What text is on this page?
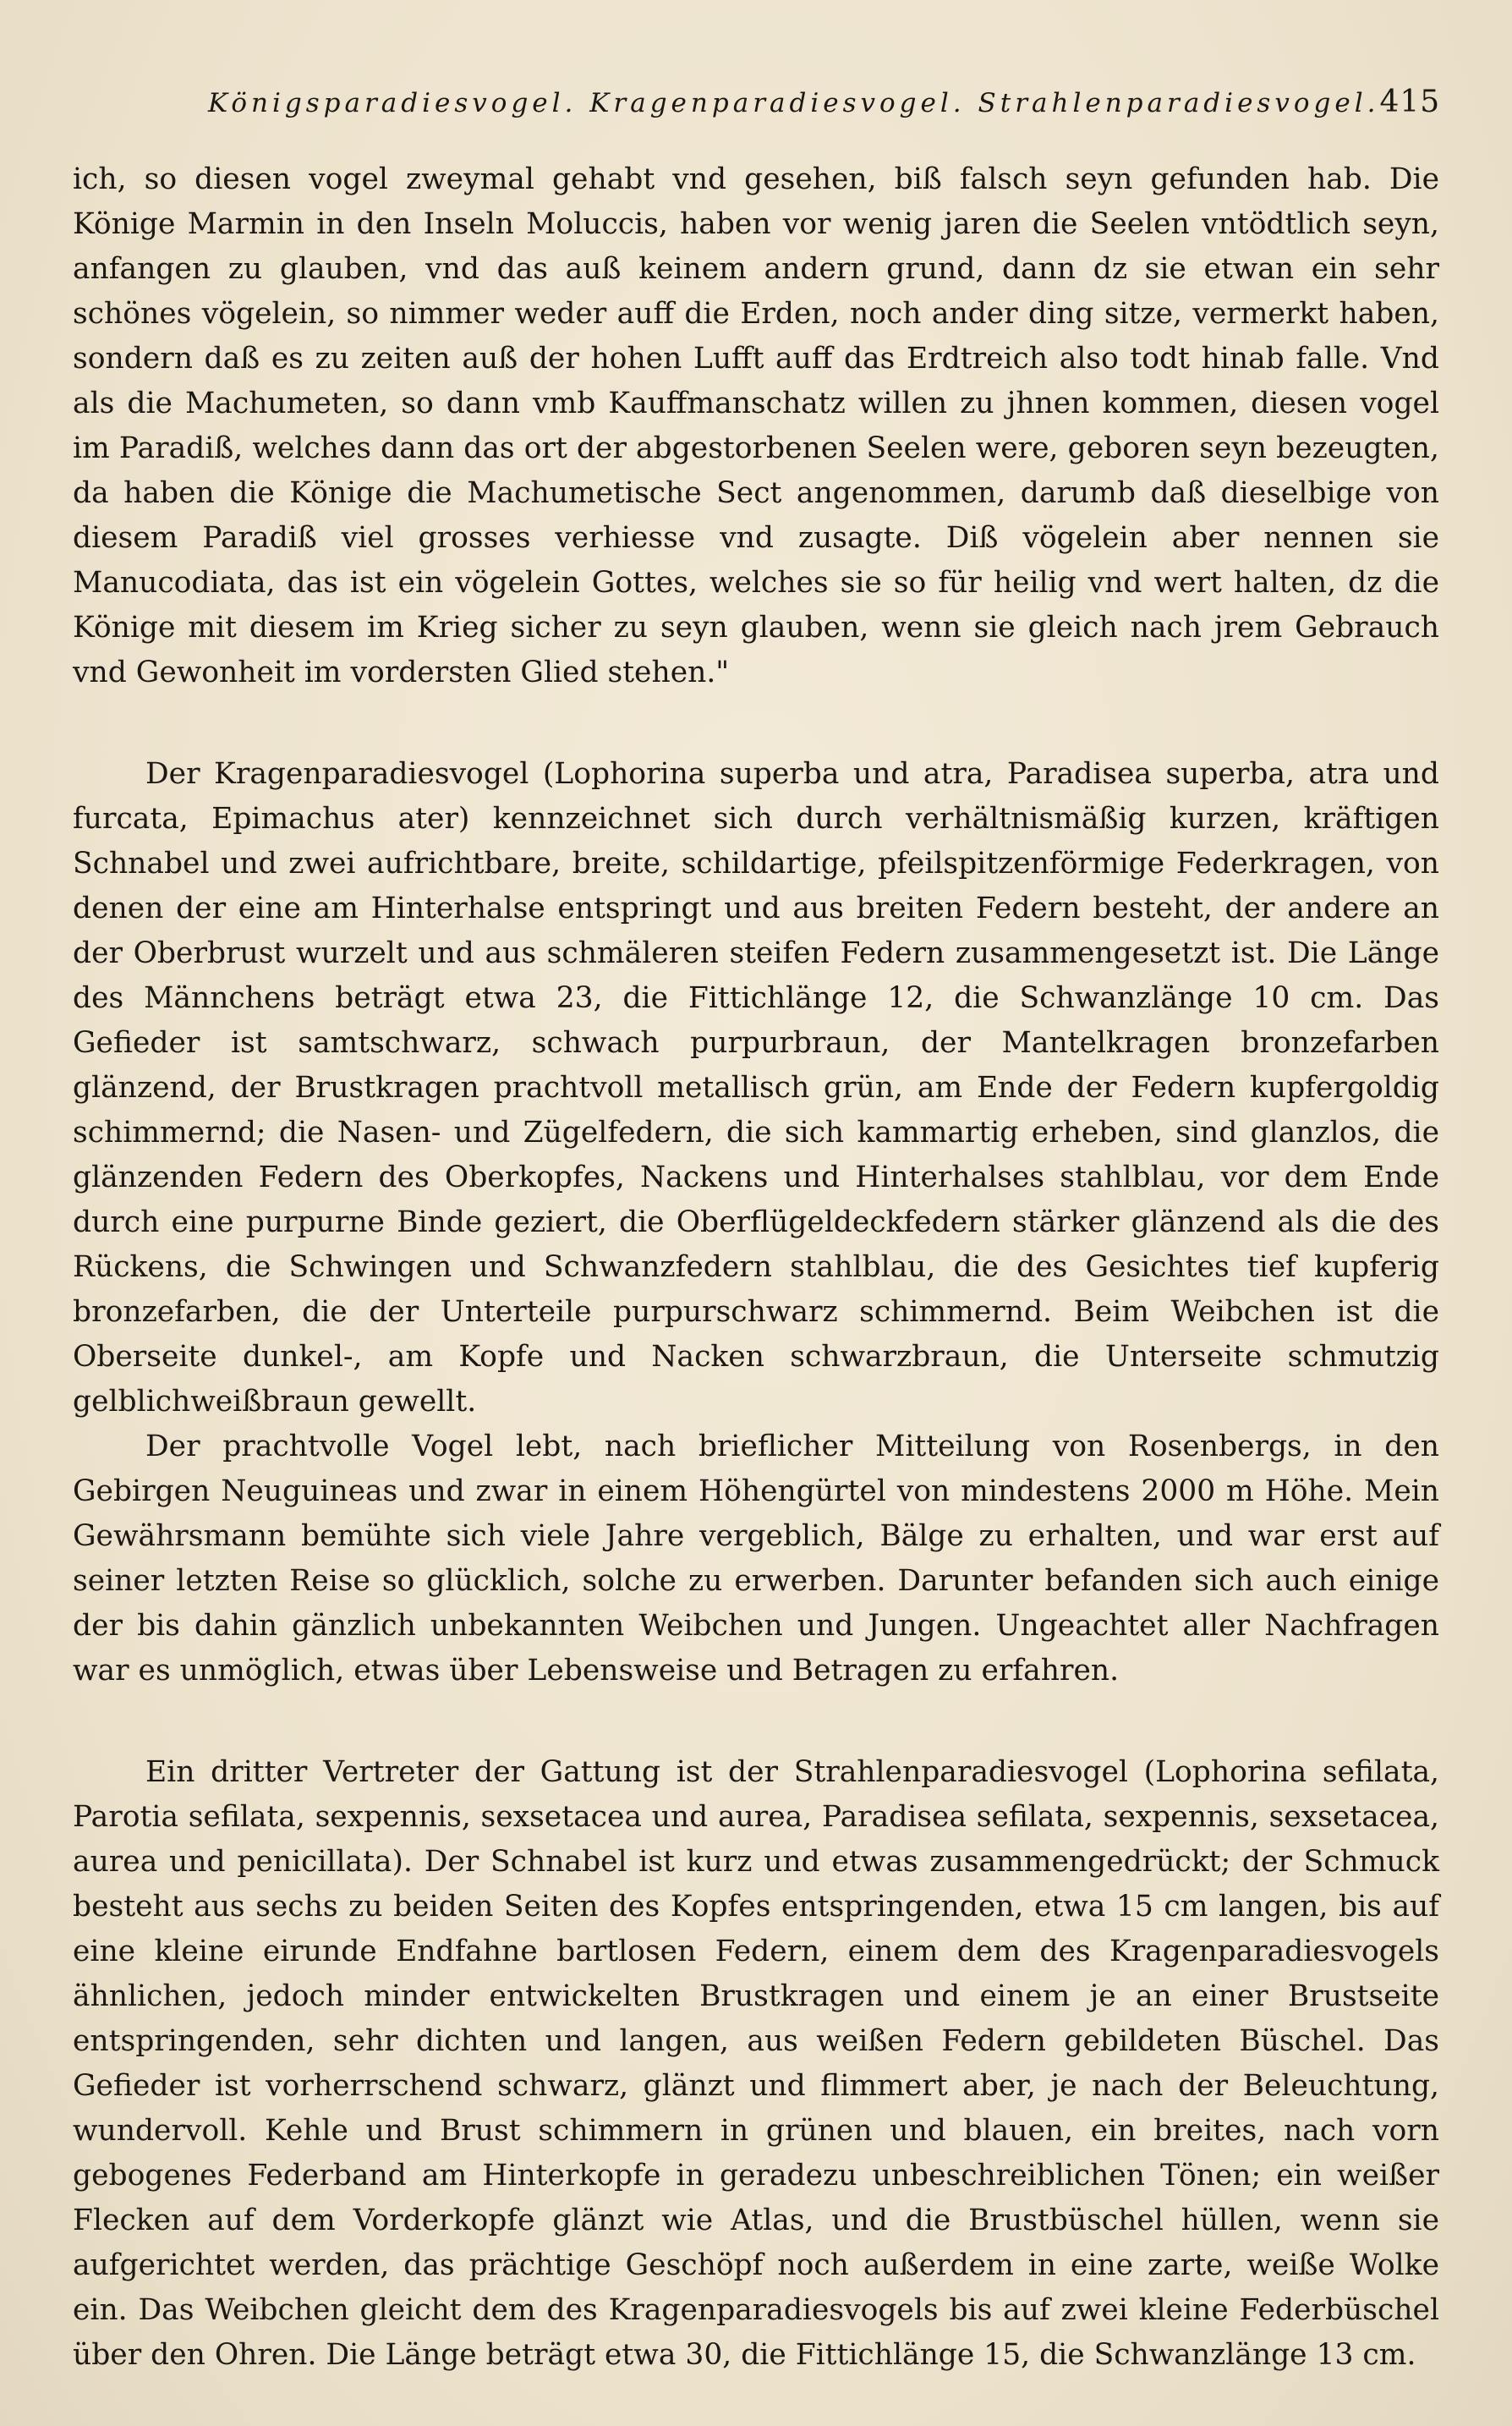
Königsparadiesvogel. Kragenparadiesvogel. Strahlenparadiesvogel. 415

ich, so diesen vogel zweymal gehabt vnd gesehen, biß falsch seyn gefunden hab. Die Könige Marmin in den Inseln Moluccis, haben vor wenig jaren die Seelen vntödtlich seyn, anfangen zu glauben, vnd das auß keinem andern grund, dann dz sie etwan ein sehr schönes vögelein, so nimmer weder auff die Erden, noch ander ding sitze, vermerkt haben, sondern daß es zu zeiten auß der hohen Lufft auff das Erdtreich also todt hinab falle. Vnd als die Machumeten, so dann vmb Kauffmanschatz willen zu jhnen kommen, diesen vogel im Paradiß, welches dann das ort der abgestorbenen Seelen were, geboren seyn bezeugten, da haben die Könige die Machumetische Sect angenommen, darumb daß dieselbige von diesem Paradiß viel grosses verhiesse vnd zusagte. Diß vögelein aber nennen sie Manucodiata, das ist ein vögelein Gottes, welches sie so für heilig vnd wert halten, dz die Könige mit diesem im Krieg sicher zu seyn glauben, wenn sie gleich nach jrem Gebrauch vnd Gewonheit im vordersten Glied stehen."

Der Kragenparadiesvogel (Lophorina superba und atra, Paradisea superba, atra und furcata, Epimachus ater) kennzeichnet sich durch verhältnismäßig kurzen, kräftigen Schnabel und zwei aufrichtbare, breite, schildartige, pfeilspitzenförmige Federkragen, von denen der eine am Hinterhalse entspringt und aus breiten Federn besteht, der andere an der Oberbrust wurzelt und aus schmäleren steifen Federn zusammengesetzt ist. Die Länge des Männchens beträgt etwa 23, die Fittichlänge 12, die Schwanzlänge 10 cm. Das Gefieder ist samtschwarz, schwach purpurbraun, der Mantelkragen bronzefarben glänzend, der Brustkragen prachtvoll metallisch grün, am Ende der Federn kupfergoldig schimmernd; die Nasen- und Zügelfedern, die sich kammartig erheben, sind glanzlos, die glänzenden Federn des Oberkopfes, Nackens und Hinterhalses stahlblau, vor dem Ende durch eine purpurne Binde geziert, die Oberflügeldeckfedern stärker glänzend als die des Rückens, die Schwingen und Schwanzfedern stahlblau, die des Gesichtes tief kupferig bronzefarben, die der Unterteile purpurschwarz schimmernd. Beim Weibchen ist die Oberseite dunkel-, am Kopfe und Nacken schwarzbraun, die Unterseite schmutzig gelblichweißbraun gewellt.

Der prachtvolle Vogel lebt, nach brieflicher Mitteilung von Rosenbergs, in den Gebirgen Neuguineas und zwar in einem Höhengürtel von mindestens 2000 m Höhe. Mein Gewährsmann bemühte sich viele Jahre vergeblich, Bälge zu erhalten, und war erst auf seiner letzten Reise so glücklich, solche zu erwerben. Darunter befanden sich auch einige der bis dahin gänzlich unbekannten Weibchen und Jungen. Ungeachtet aller Nachfragen war es unmöglich, etwas über Lebensweise und Betragen zu erfahren.

Ein dritter Vertreter der Gattung ist der Strahlenparadiesvogel (Lophorina sefilata, Parotia sefilata, sexpennis, sexsetacea und aurea, Paradisea sefilata, sexpennis, sexsetacea, aurea und penicillata). Der Schnabel ist kurz und etwas zusammengedrückt; der Schmuck besteht aus sechs zu beiden Seiten des Kopfes entspringenden, etwa 15 cm langen, bis auf eine kleine eirunde Endfahne bartlosen Federn, einem dem des Kragenparadiesvogels ähnlichen, jedoch minder entwickelten Brustkragen und einem je an einer Brustseite entspringenden, sehr dichten und langen, aus weißen Federn gebildeten Büschel. Das Gefieder ist vorherrschend schwarz, glänzt und flimmert aber, je nach der Beleuchtung, wundervoll. Kehle und Brust schimmern in grünen und blauen, ein breites, nach vorn gebogenes Federband am Hinterkopfe in geradezu unbeschreiblichen Tönen; ein weißer Flecken auf dem Vorderkopfe glänzt wie Atlas, und die Brustbüschel hüllen, wenn sie aufgerichtet werden, das prächtige Geschöpf noch außerdem in eine zarte, weiße Wolke ein. Das Weibchen gleicht dem des Kragenparadiesvogels bis auf zwei kleine Federbüschel über den Ohren. Die Länge beträgt etwa 30, die Fittichlänge 15, die Schwanzlänge 13 cm.
